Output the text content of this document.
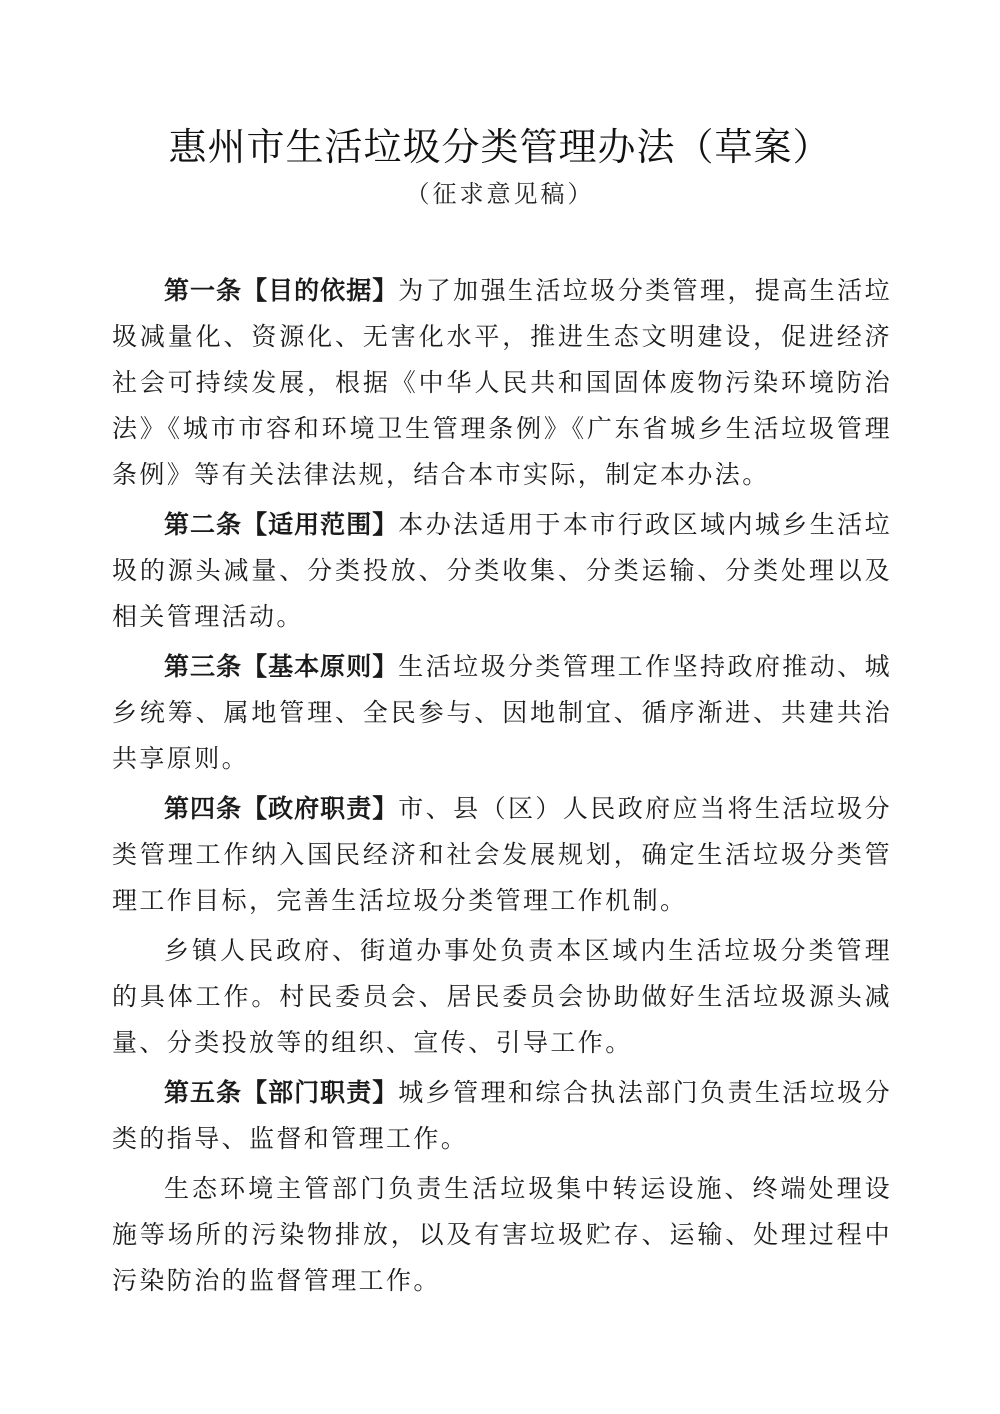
惠州市生活垃圾分类管理办法（草案）
（征求意见稿）

第一条【目的依据】为了加强生活垃圾分类管理，提高生活垃圾减量化、资源化、无害化水平，推进生态文明建设，促进经济社会可持续发展，根据《中华人民共和国固体废物污染环境防治法》《城市市容和环境卫生管理条例》《广东省城乡生活垃圾管理条例》等有关法律法规，结合本市实际，制定本办法。

第二条【适用范围】本办法适用于本市行政区域内城乡生活垃圾的源头减量、分类投放、分类收集、分类运输、分类处理以及相关管理活动。

第三条【基本原则】生活垃圾分类管理工作坚持政府推动、城乡统筹、属地管理、全民参与、因地制宜、循序渐进、共建共治共享原则。

第四条【政府职责】市、县（区）人民政府应当将生活垃圾分类管理工作纳入国民经济和社会发展规划，确定生活垃圾分类管理工作目标，完善生活垃圾分类管理工作机制。

乡镇人民政府、街道办事处负责本区域内生活垃圾分类管理的具体工作。村民委员会、居民委员会协助做好生活垃圾源头减量、分类投放等的组织、宣传、引导工作。

第五条【部门职责】城乡管理和综合执法部门负责生活垃圾分类的指导、监督和管理工作。

生态环境主管部门负责生活垃圾集中转运设施、终端处理设施等场所的污染物排放，以及有害垃圾贮存、运输、处理过程中污染防治的监督管理工作。
